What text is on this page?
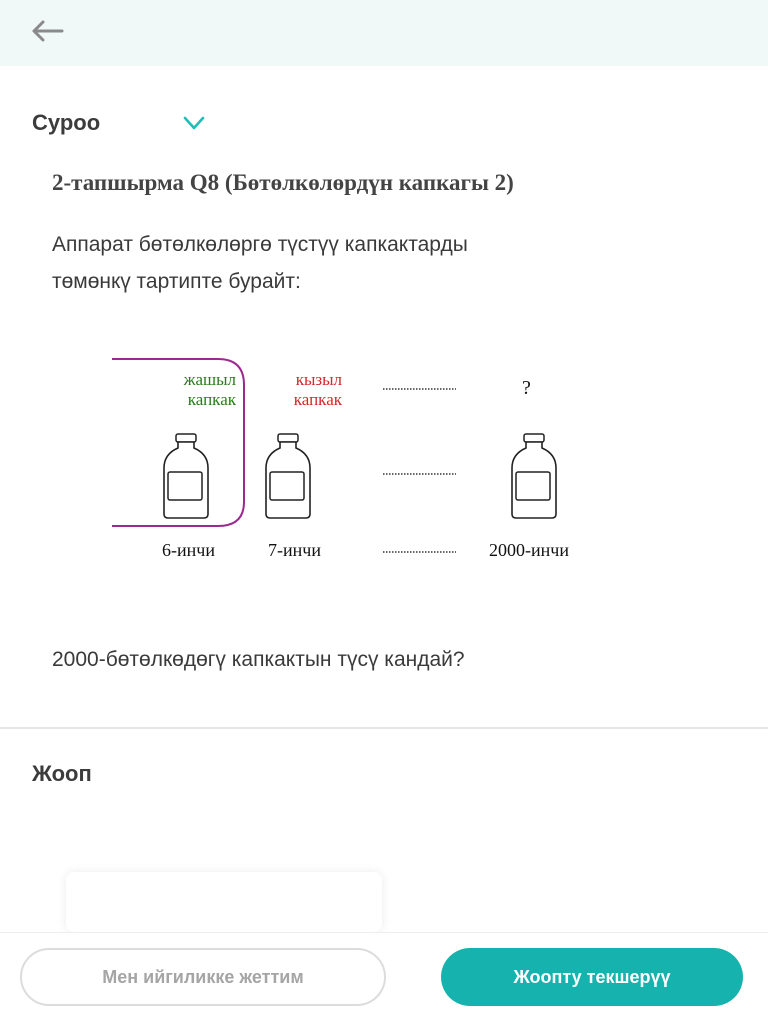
Суроо
2-тапшырма Q8 (Бөтөлкөлөрдүн капкагы 2)
Аппарат бөтөлкөлөргө түстүү капкактарды
төмөнкү тартипте бурайт:
жашыл
капкак
кызыл
капкак
?
6-инчи	7-инчи	2000-инчи
2000-бөтөлкөдөгү капкактын түсү кандай?
Жооп
Мен ийгиликке жеттим	Жоопту текшерүү
